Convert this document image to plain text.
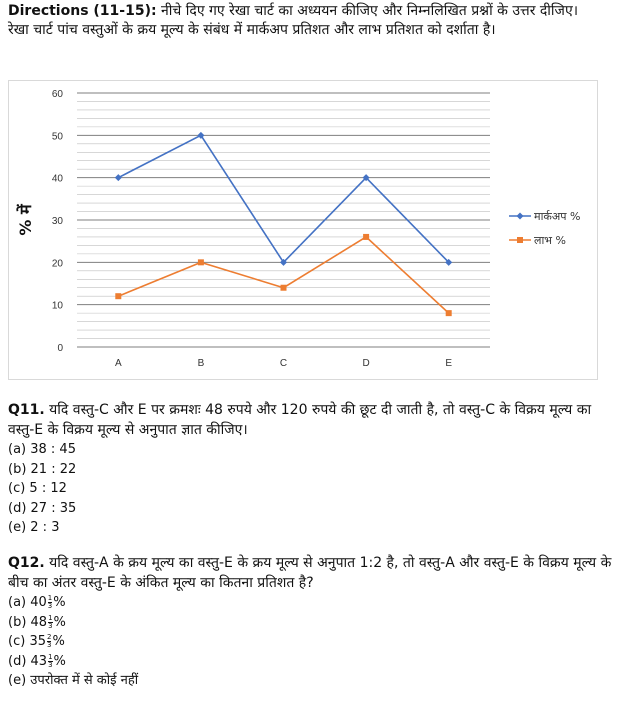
Directions (11-15): नीचे दिए गए रेखा चार्ट का अध्ययन कीजिए और निम्नलिखित प्रश्नों के उत्तर दीजिए।
रेखा चार्ट पांच वस्तुओं के क्रय मूल्य के संबंध में मार्कअप प्रतिशत और लाभ प्रतिशत को दर्शाता है।
0
10
20
30
40
50
60
A	B	C	D	E
% में	मार्कअप %
लाभ %
Q11. यदि वस्तु-C और E पर क्रमशः 48 रुपये और 120 रुपये की छूट दी जाती है, तो वस्तु-C के विक्रय मूल्य का वस्तु-E के विक्रय मूल्य से अनुपात ज्ञात कीजिए।
(a) 38 : 45
(b) 21 : 22
(c) 5 : 12
(d) 27 : 35
(e) 2 : 3
Q12. यदि वस्तु-A के क्रय मूल्य का वस्तु-E के क्रय मूल्य से अनुपात 1:2 है, तो वस्तु-A और वस्तु-E के विक्रय मूल्य के बीच का अंतर वस्तु-E के अंकित मूल्य का कितना प्रतिशत है?
(a) $40 \frac{1}{3}$ %
(b) $48 \frac{1}{3}$ %
(c) $35 \frac{2}{3}$ %
(d) $43 \frac{1}{3}$ %
(e) उपरोक्त में से कोई नहीं
